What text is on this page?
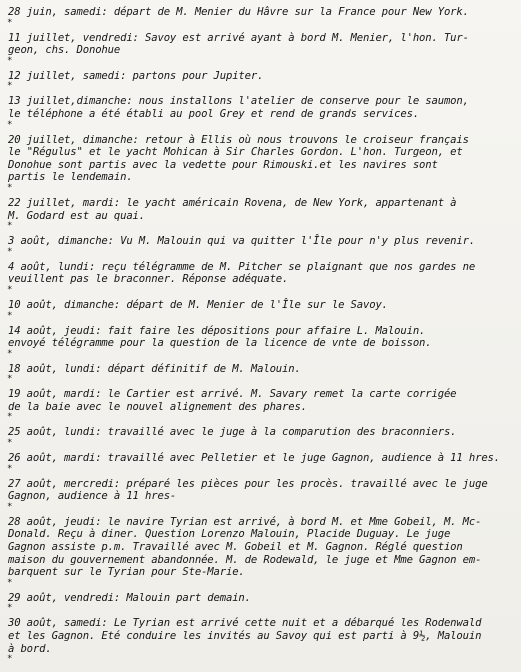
28 juin, samedi: départ de M. Menier du Hâvre sur la France pour New York.
*
11 juillet, vendredi: Savoy est arrivé ayant à bord M. Menier, l'hon. Tur-
geon, chs. Donohue
*
12 juillet, samedi: partons pour Jupiter.
*
13 juillet,dimanche: nous installons l'atelier de conserve pour le saumon,
le téléphone a été établi au pool Grey et rend de grands services.
*
20 juillet, dimanche: retour à Ellis où nous trouvons le croiseur français
le "Régulus" et le yacht Mohican à Sir Charles Gordon. L'hon. Turgeon, et
Donohue sont partis avec la vedette pour Rimouski.et les navires sont
partis le lendemain.
*
22 juillet, mardi: le yacht américain Rovena, de New York, appartenant à
M. Godard est au quai.
*
3 août, dimanche: Vu M. Malouin qui va quitter l'Île pour n'y plus revenir.
*
4 août, lundi: reçu télégramme de M. Pitcher se plaignant que nos gardes ne
veuillent pas le braconner. Réponse adéquate.
*
10 août, dimanche: départ de M. Menier de l'Île sur le Savoy.
*
14 août, jeudi: fait faire les dépositions pour affaire L. Malouin.
envoyé télégramme pour la question de la licence de vnte de boisson.
*
18 août, lundi: départ définitif de M. Malouin.
*
19 août, mardi: le Cartier est arrivé. M. Savary remet la carte corrigée
de la baie avec le nouvel alignement des phares.
*
25 août, lundi: travaillé avec le juge à la comparution des braconniers.
*
26 août, mardi: travaillé avec Pelletier et le juge Gagnon, audience à 11 hres.
*
27 août, mercredi: préparé les pièces pour les procès. travaillé avec le juge
Gagnon, audience à 11 hres-
*
28 août, jeudi: le navire Tyrian est arrivé, à bord M. et Mme Gobeil, M. Mc-
Donald. Reçu à diner. Question Lorenzo Malouin, Placide Duguay. Le juge
Gagnon assiste p.m. Travaillé avec M. Gobeil et M. Gagnon. Réglé question
maison du gouvernement abandonnée. M. de Rodewald, le juge et Mme Gagnon em-
barquent sur le Tyrian pour Ste-Marie.
*
29 août, vendredi: Malouin part demain.
*
30 août, samedi: Le Tyrian est arrivé cette nuit et a débarqué les Rodenwald
et les Gagnon. Eté conduire les invités au Savoy qui est parti à 9½, Malouin
à bord.
*
